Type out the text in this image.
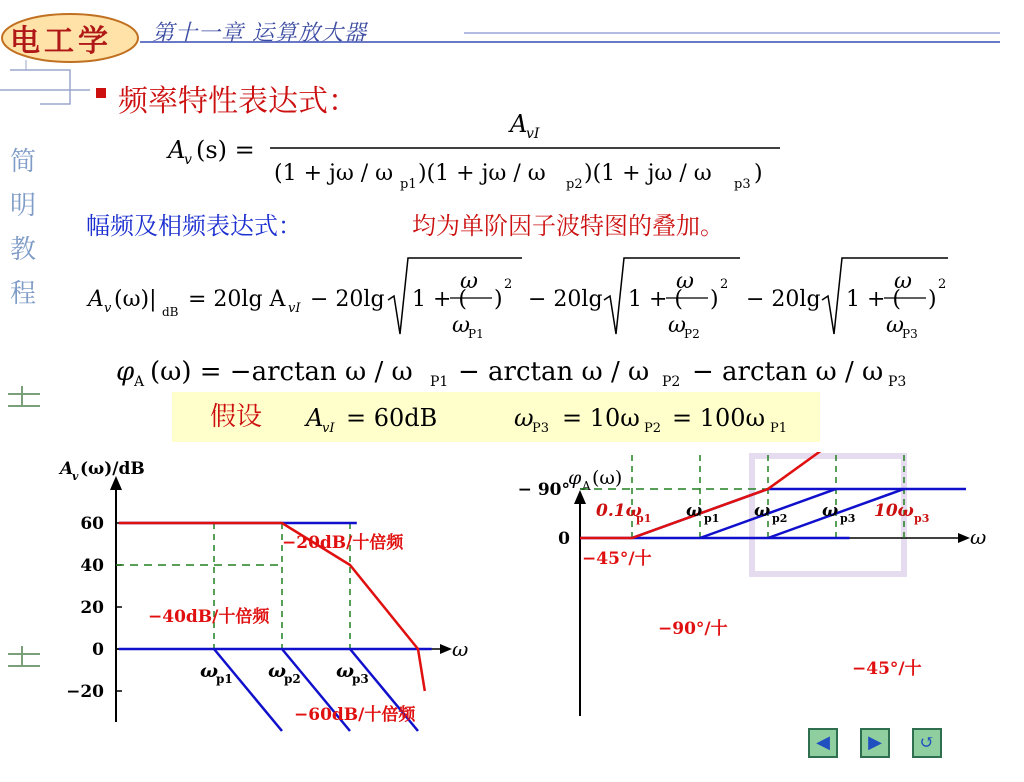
电工学 第十一章 运算放大器
简
明
教
程
频率特性表达式：
A
v (s) =
A
vI
(1 + jω / ω p1 )(1 + jω / ω p2 )(1 + jω / ω p3 )
幅频及相频表达式：	均为单阶因子波特图的叠加。
A v (ω)| dB = 20lg A vI − 20lg 1 + (
ω
ω
P1
)
2
− 20lg 1 + (
ω
ω
P2
)
2
− 20lg 1 + (
ω
ω
P3
)
2
φ A (ω) = −arctan ω / ω P1 − arctan ω / ω P2 − arctan ω / ω P3
假设 A
vI = 60dB	ω
P3 = 10ω P2 = 100ω P1
A
v (ω)/dB
ω
60
40
20
0
−20
ω
p1 ω
p2 ω
p3
−20dB/十倍频
−40dB/十倍频
−60dB/十倍频
ω
φ A (ω)
0
− 90°
0.1ω
p1 ω p1 ω p2 ω p3 10ω p3
−45°/十
−90°/十
−45°/十
◀	▶	↺
